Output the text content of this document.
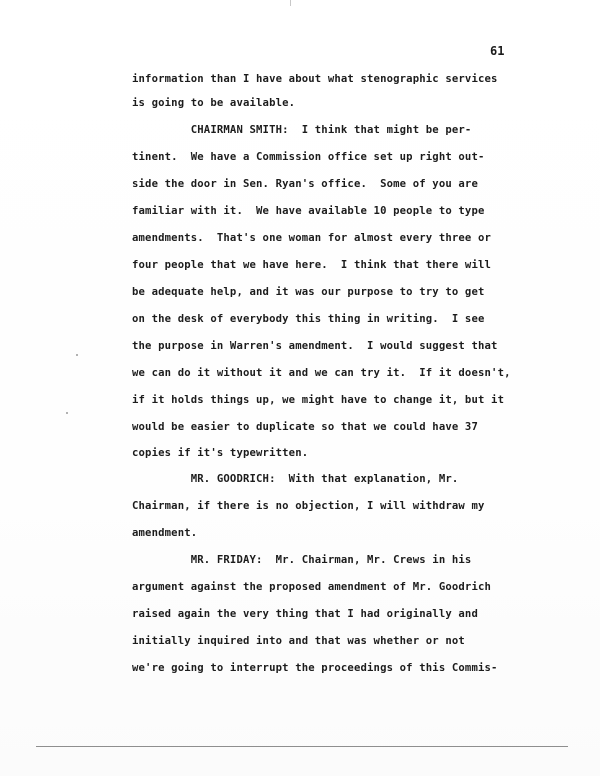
61
information than I have about what stenographic services
is going to be available.
CHAIRMAN SMITH:  I think that might be per-
tinent.  We have a Commission office set up right out-
side the door in Sen. Ryan's office.  Some of you are
familiar with it.  We have available 10 people to type
amendments.  That's one woman for almost every three or
four people that we have here.  I think that there will
be adequate help, and it was our purpose to try to get
on the desk of everybody this thing in writing.  I see
the purpose in Warren's amendment.  I would suggest that
we can do it without it and we can try it.  If it doesn't,
if it holds things up, we might have to change it, but it
would be easier to duplicate so that we could have 37
copies if it's typewritten.
MR. GOODRICH:  With that explanation, Mr.
Chairman, if there is no objection, I will withdraw my
amendment.
MR. FRIDAY:  Mr. Chairman, Mr. Crews in his
argument against the proposed amendment of Mr. Goodrich
raised again the very thing that I had originally and
initially inquired into and that was whether or not
we're going to interrupt the proceedings of this Commis-
